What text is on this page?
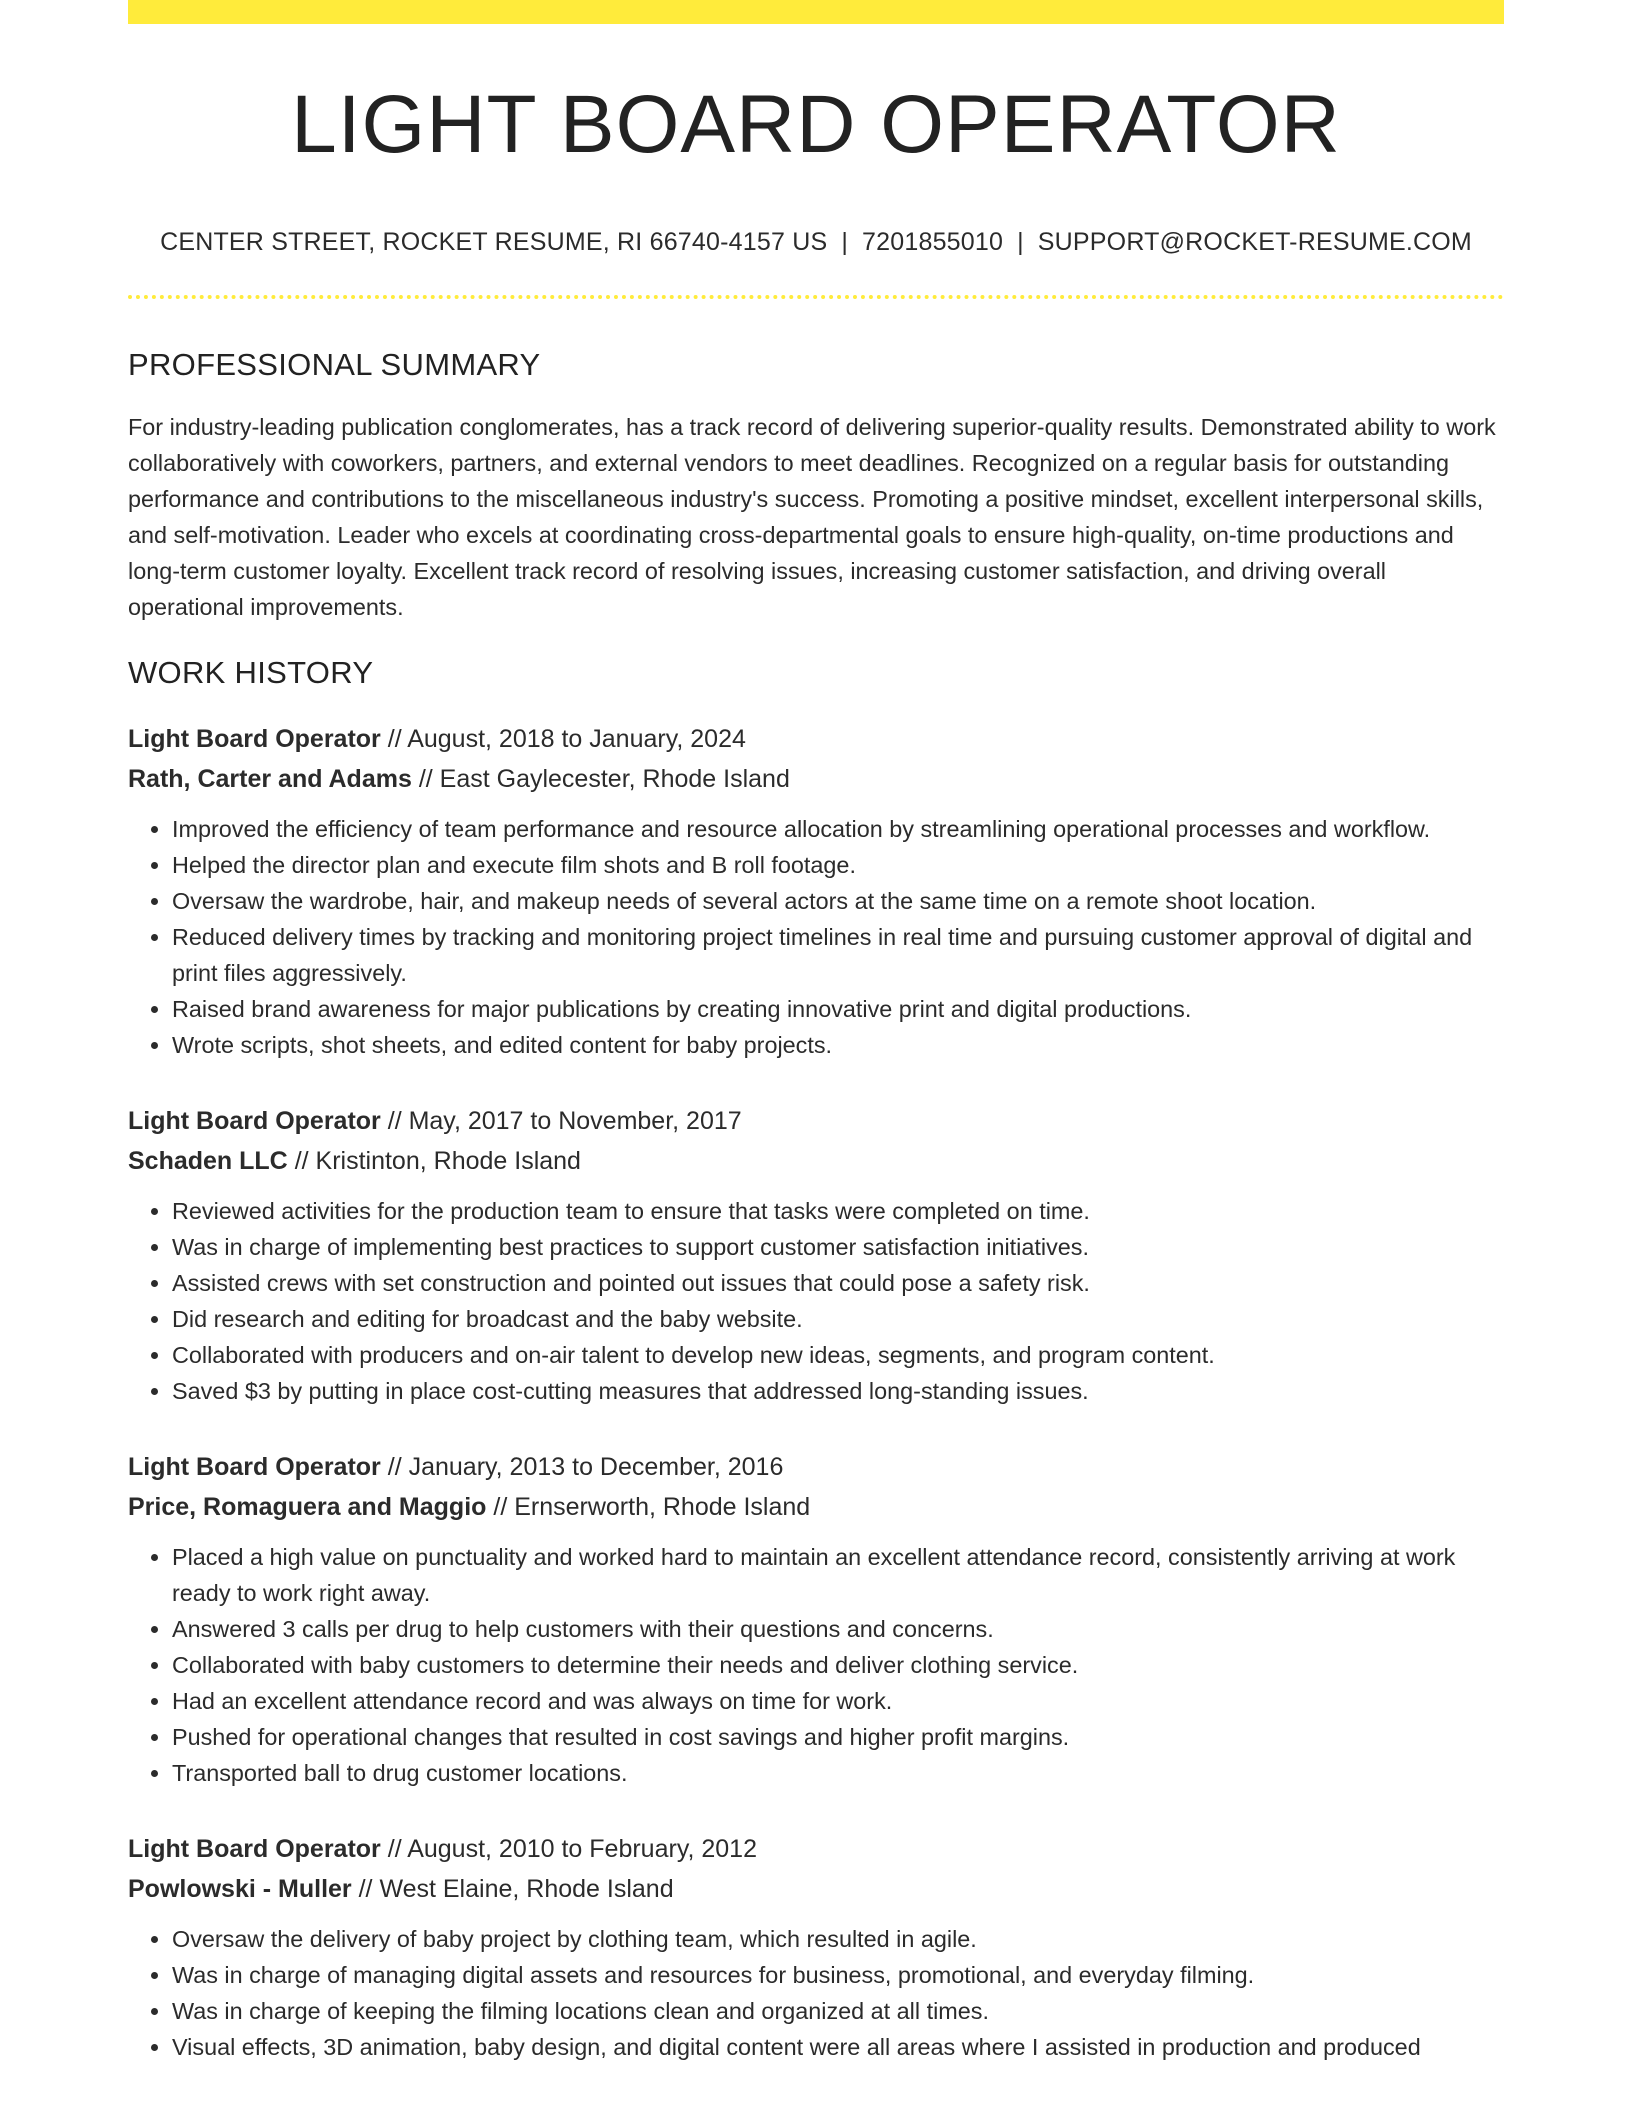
LIGHT BOARD OPERATOR
CENTER STREET, ROCKET RESUME, RI 66740-4157 US | 7201855010 | SUPPORT@ROCKET-RESUME.COM
PROFESSIONAL SUMMARY

For industry-leading publication conglomerates, has a track record of delivering superior-quality results. Demonstrated ability to work collaboratively with coworkers, partners, and external vendors to meet deadlines. Recognized on a regular basis for outstanding performance and contributions to the miscellaneous industry's success. Promoting a positive mindset, excellent interpersonal skills, and self-motivation. Leader who excels at coordinating cross-departmental goals to ensure high-quality, on-time productions and long-term customer loyalty. Excellent track record of resolving issues, increasing customer satisfaction, and driving overall operational improvements.

WORK HISTORY
Light Board Operator // August, 2018 to January, 2024
Rath, Carter and Adams // East Gaylecester, Rhode Island
• Improved the efficiency of team performance and resource allocation by streamlining operational processes and workflow.
• Helped the director plan and execute film shots and B roll footage.
• Oversaw the wardrobe, hair, and makeup needs of several actors at the same time on a remote shoot location.
• Reduced delivery times by tracking and monitoring project timelines in real time and pursuing customer approval of digital and print files aggressively.
• Raised brand awareness for major publications by creating innovative print and digital productions.
• Wrote scripts, shot sheets, and edited content for baby projects.
Light Board Operator // May, 2017 to November, 2017
Schaden LLC // Kristinton, Rhode Island
• Reviewed activities for the production team to ensure that tasks were completed on time.
• Was in charge of implementing best practices to support customer satisfaction initiatives.
• Assisted crews with set construction and pointed out issues that could pose a safety risk.
• Did research and editing for broadcast and the baby website.
• Collaborated with producers and on-air talent to develop new ideas, segments, and program content.
• Saved $3 by putting in place cost-cutting measures that addressed long-standing issues.
Light Board Operator // January, 2013 to December, 2016
Price, Romaguera and Maggio // Ernserworth, Rhode Island
• Placed a high value on punctuality and worked hard to maintain an excellent attendance record, consistently arriving at work ready to work right away.
• Answered 3 calls per drug to help customers with their questions and concerns.
• Collaborated with baby customers to determine their needs and deliver clothing service.
• Had an excellent attendance record and was always on time for work.
• Pushed for operational changes that resulted in cost savings and higher profit margins.
• Transported ball to drug customer locations.
Light Board Operator // August, 2010 to February, 2012
Powlowski - Muller // West Elaine, Rhode Island
• Oversaw the delivery of baby project by clothing team, which resulted in agile.
• Was in charge of managing digital assets and resources for business, promotional, and everyday filming.
• Was in charge of keeping the filming locations clean and organized at all times.
• Visual effects, 3D animation, baby design, and digital content were all areas where I assisted in production and produced
